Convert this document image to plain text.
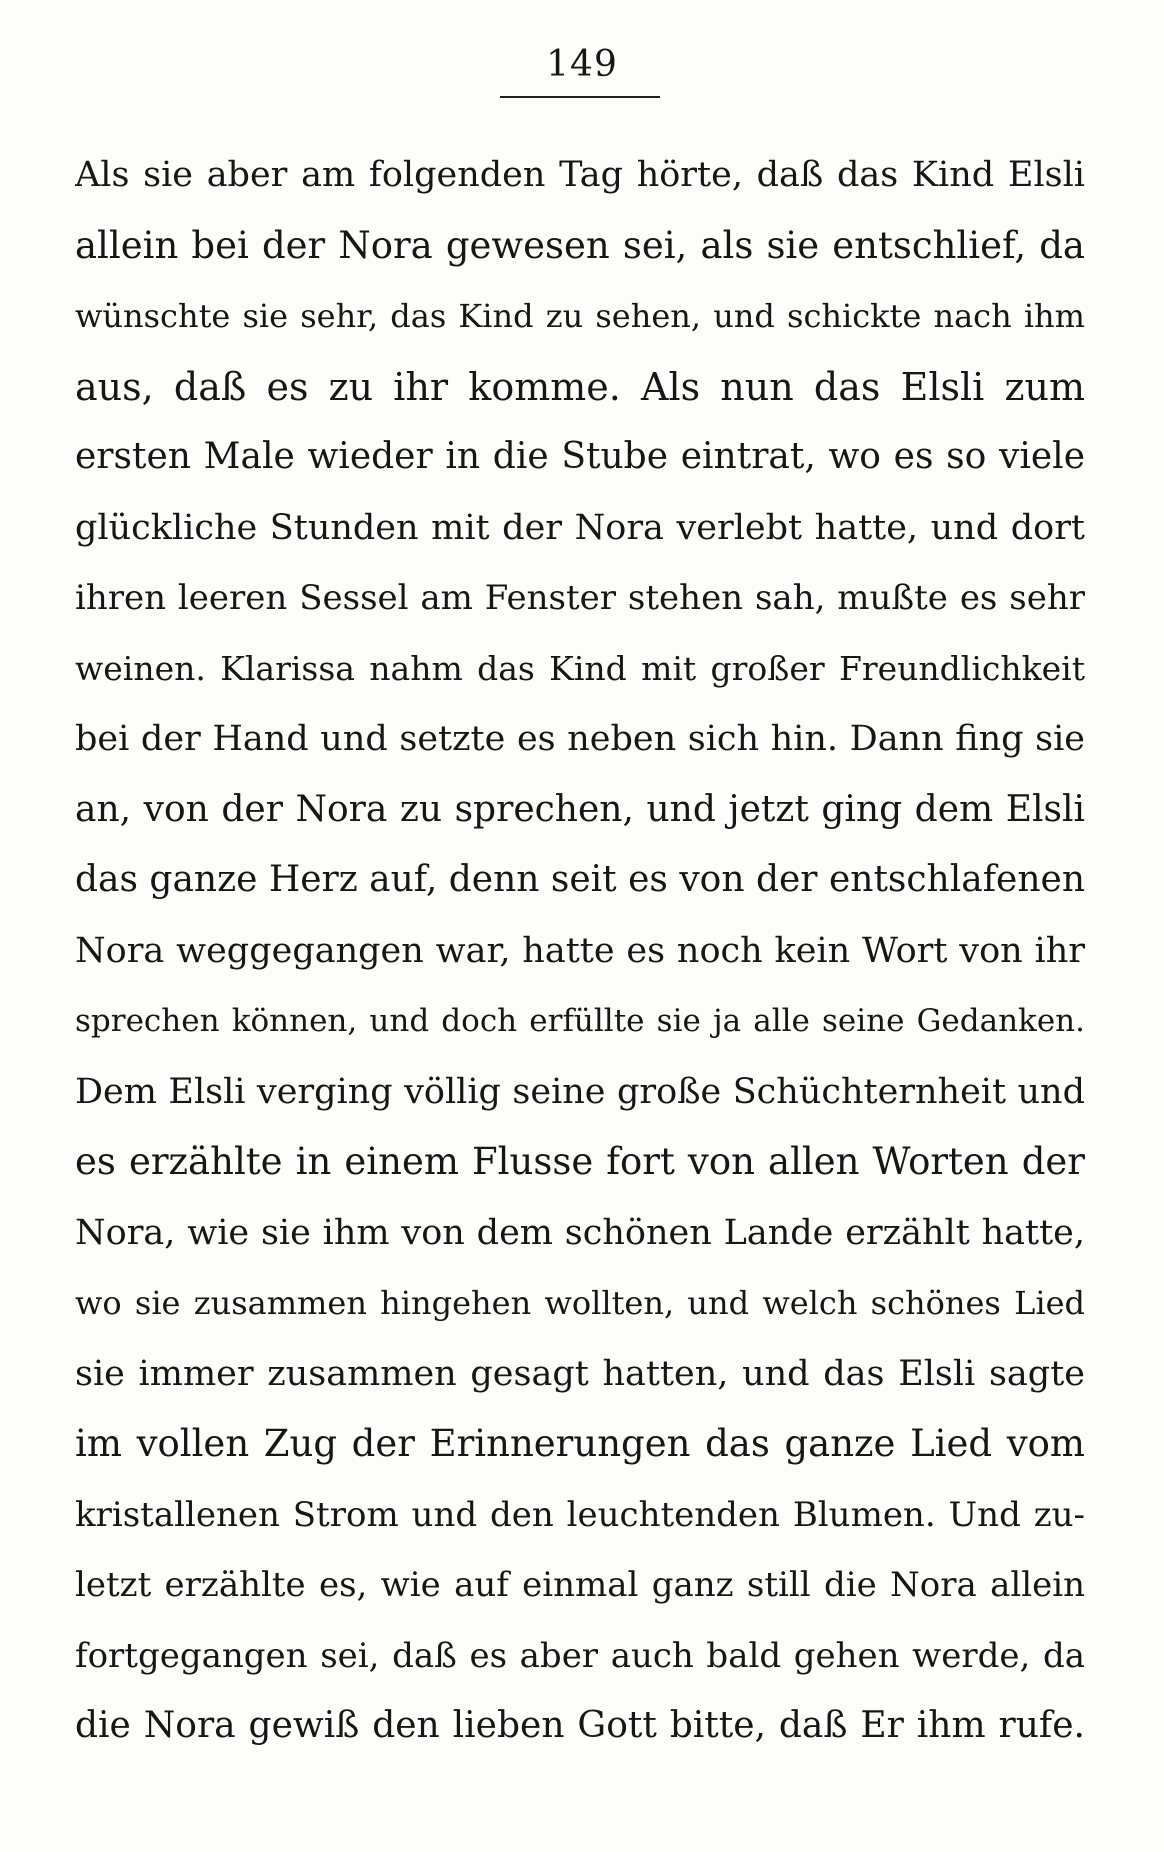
149
Als sie aber am folgenden Tag hörte, daß das Kind Elsli
allein bei der Nora gewesen sei, als sie entschlief, da
wünschte sie sehr, das Kind zu sehen, und schickte nach ihm
aus, daß es zu ihr komme. Als nun das Elsli zum
ersten Male wieder in die Stube eintrat, wo es so viele
glückliche Stunden mit der Nora verlebt hatte, und dort
ihren leeren Sessel am Fenster stehen sah, mußte es sehr
weinen. Klarissa nahm das Kind mit großer Freundlichkeit
bei der Hand und setzte es neben sich hin. Dann fing sie
an, von der Nora zu sprechen, und jetzt ging dem Elsli
das ganze Herz auf, denn seit es von der entschlafenen
Nora weggegangen war, hatte es noch kein Wort von ihr
sprechen können, und doch erfüllte sie ja alle seine Gedanken.
Dem Elsli verging völlig seine große Schüchternheit und
es erzählte in einem Flusse fort von allen Worten der
Nora, wie sie ihm von dem schönen Lande erzählt hatte,
wo sie zusammen hingehen wollten, und welch schönes Lied
sie immer zusammen gesagt hatten, und das Elsli sagte
im vollen Zug der Erinnerungen das ganze Lied vom
kristallenen Strom und den leuchtenden Blumen. Und zu-
letzt erzählte es, wie auf einmal ganz still die Nora allein
fortgegangen sei, daß es aber auch bald gehen werde, da
die Nora gewiß den lieben Gott bitte, daß Er ihm rufe.
